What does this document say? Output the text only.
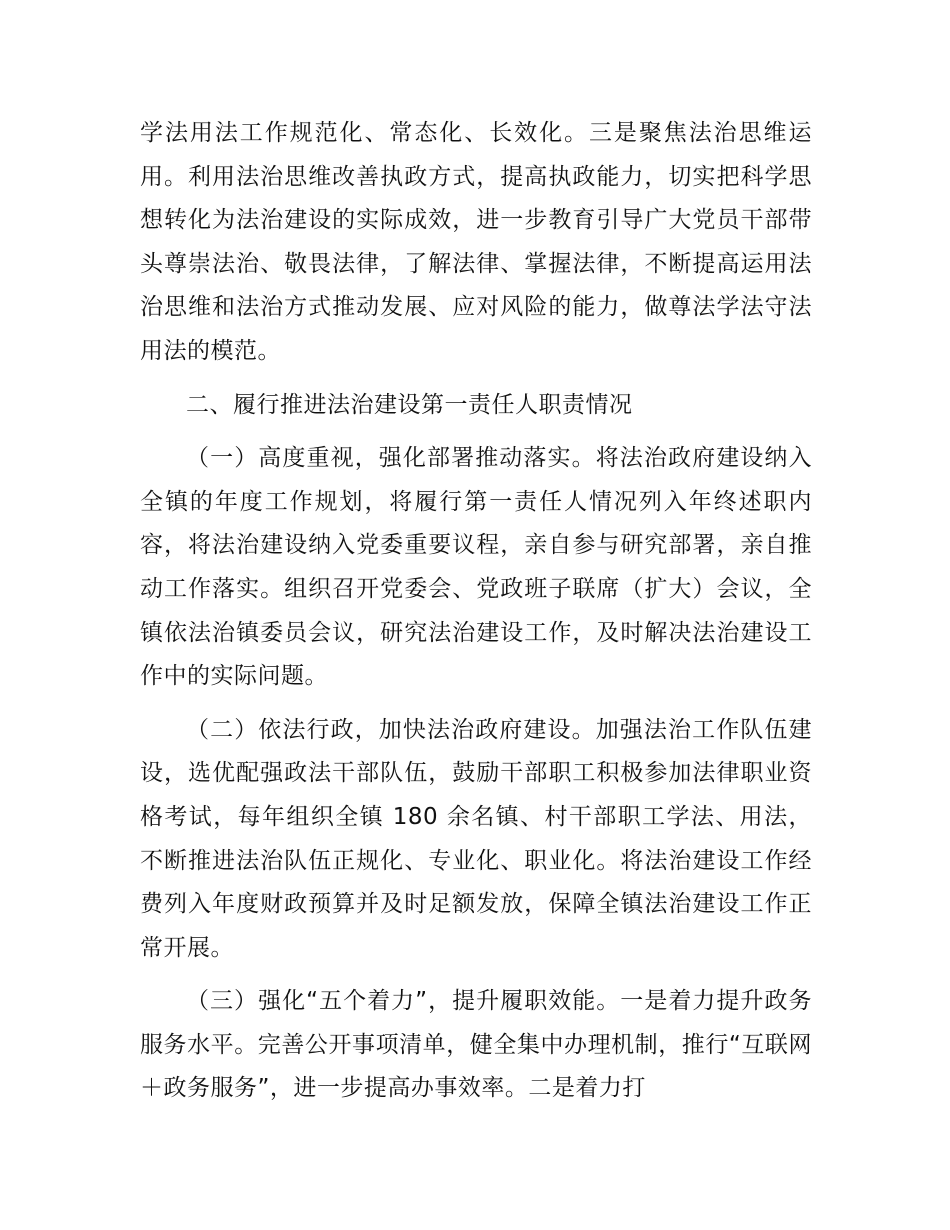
学法用法工作规范化、常态化、长效化。三是聚焦法治思维运用。利用法治思维改善执政方式，提高执政能力，切实把科学思想转化为法治建设的实际成效，进一步教育引导广大党员干部带头尊崇法治、敬畏法律，了解法律、掌握法律，不断提高运用法治思维和法治方式推动发展、应对风险的能力，做尊法学法守法用法的模范。

二、履行推进法治建设第一责任人职责情况

（一）高度重视，强化部署推动落实。将法治政府建设纳入全镇的年度工作规划，将履行第一责任人情况列入年终述职内容，将法治建设纳入党委重要议程，亲自参与研究部署，亲自推动工作落实。组织召开党委会、党政班子联席（扩大）会议，全镇依法治镇委员会议，研究法治建设工作，及时解决法治建设工作中的实际问题。

（二）依法行政，加快法治政府建设。加强法治工作队伍建设，选优配强政法干部队伍，鼓励干部职工积极参加法律职业资格考试，每年组织全镇 180 余名镇、村干部职工学法、用法，不断推进法治队伍正规化、专业化、职业化。将法治建设工作经费列入年度财政预算并及时足额发放，保障全镇法治建设工作正常开展。

（三）强化“五个着力”，提升履职效能。一是着力提升政务服务水平。完善公开事项清单，健全集中办理机制，推行“互联网＋政务服务”，进一步提高办事效率。二是着力打
